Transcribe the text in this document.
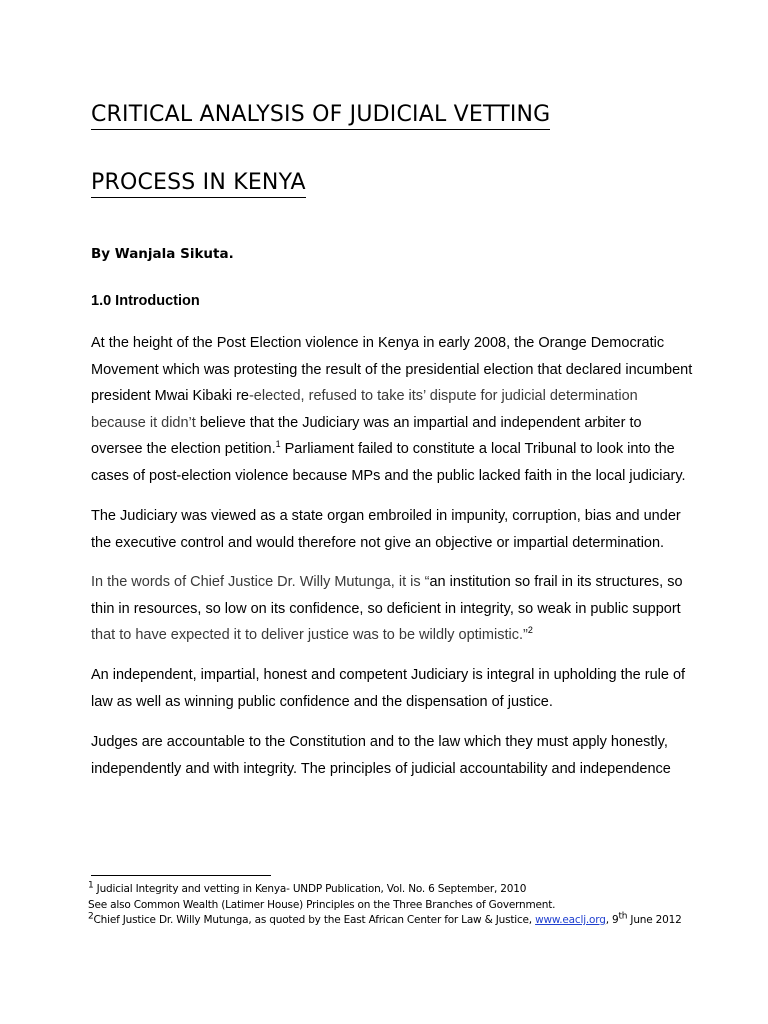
CRITICAL ANALYSIS OF JUDICIAL VETTING
PROCESS IN KENYA

By Wanjala Sikuta.

1.0 Introduction

At the height of the Post Election violence in Kenya in early 2008, the Orange Democratic
Movement which was protesting the result of the presidential election that declared incumbent
president Mwai Kibaki re-elected, refused to take its’ dispute for judicial determination
because it didn’t believe that the Judiciary was an impartial and independent arbiter to
oversee the election petition.$^1$ Parliament failed to constitute a local Tribunal to look into the
cases of post-election violence because MPs and the public lacked faith in the local judiciary.

The Judiciary was viewed as a state organ embroiled in impunity, corruption, bias and under
the executive control and would therefore not give an objective or impartial determination.

In the words of Chief Justice Dr. Willy Mutunga, it is “an institution so frail in its structures, so
thin in resources, so low on its confidence, so deficient in integrity, so weak in public support
that to have expected it to deliver justice was to be wildly optimistic.”$^2$

An independent, impartial, honest and competent Judiciary is integral in upholding the rule of
law as well as winning public confidence and the dispensation of justice.

Judges are accountable to the Constitution and to the law which they must apply honestly,
independently and with integrity. The principles of judicial accountability and independence

$^1$ Judicial Integrity and vetting in Kenya- UNDP Publication, Vol. No. 6 September, 2010
See also Common Wealth (Latimer House) Principles on the Three Branches of Government.
$^2$Chief Justice Dr. Willy Mutunga, as quoted by the East African Center for Law & Justice, www.eaclj.org, 9th June 2012
